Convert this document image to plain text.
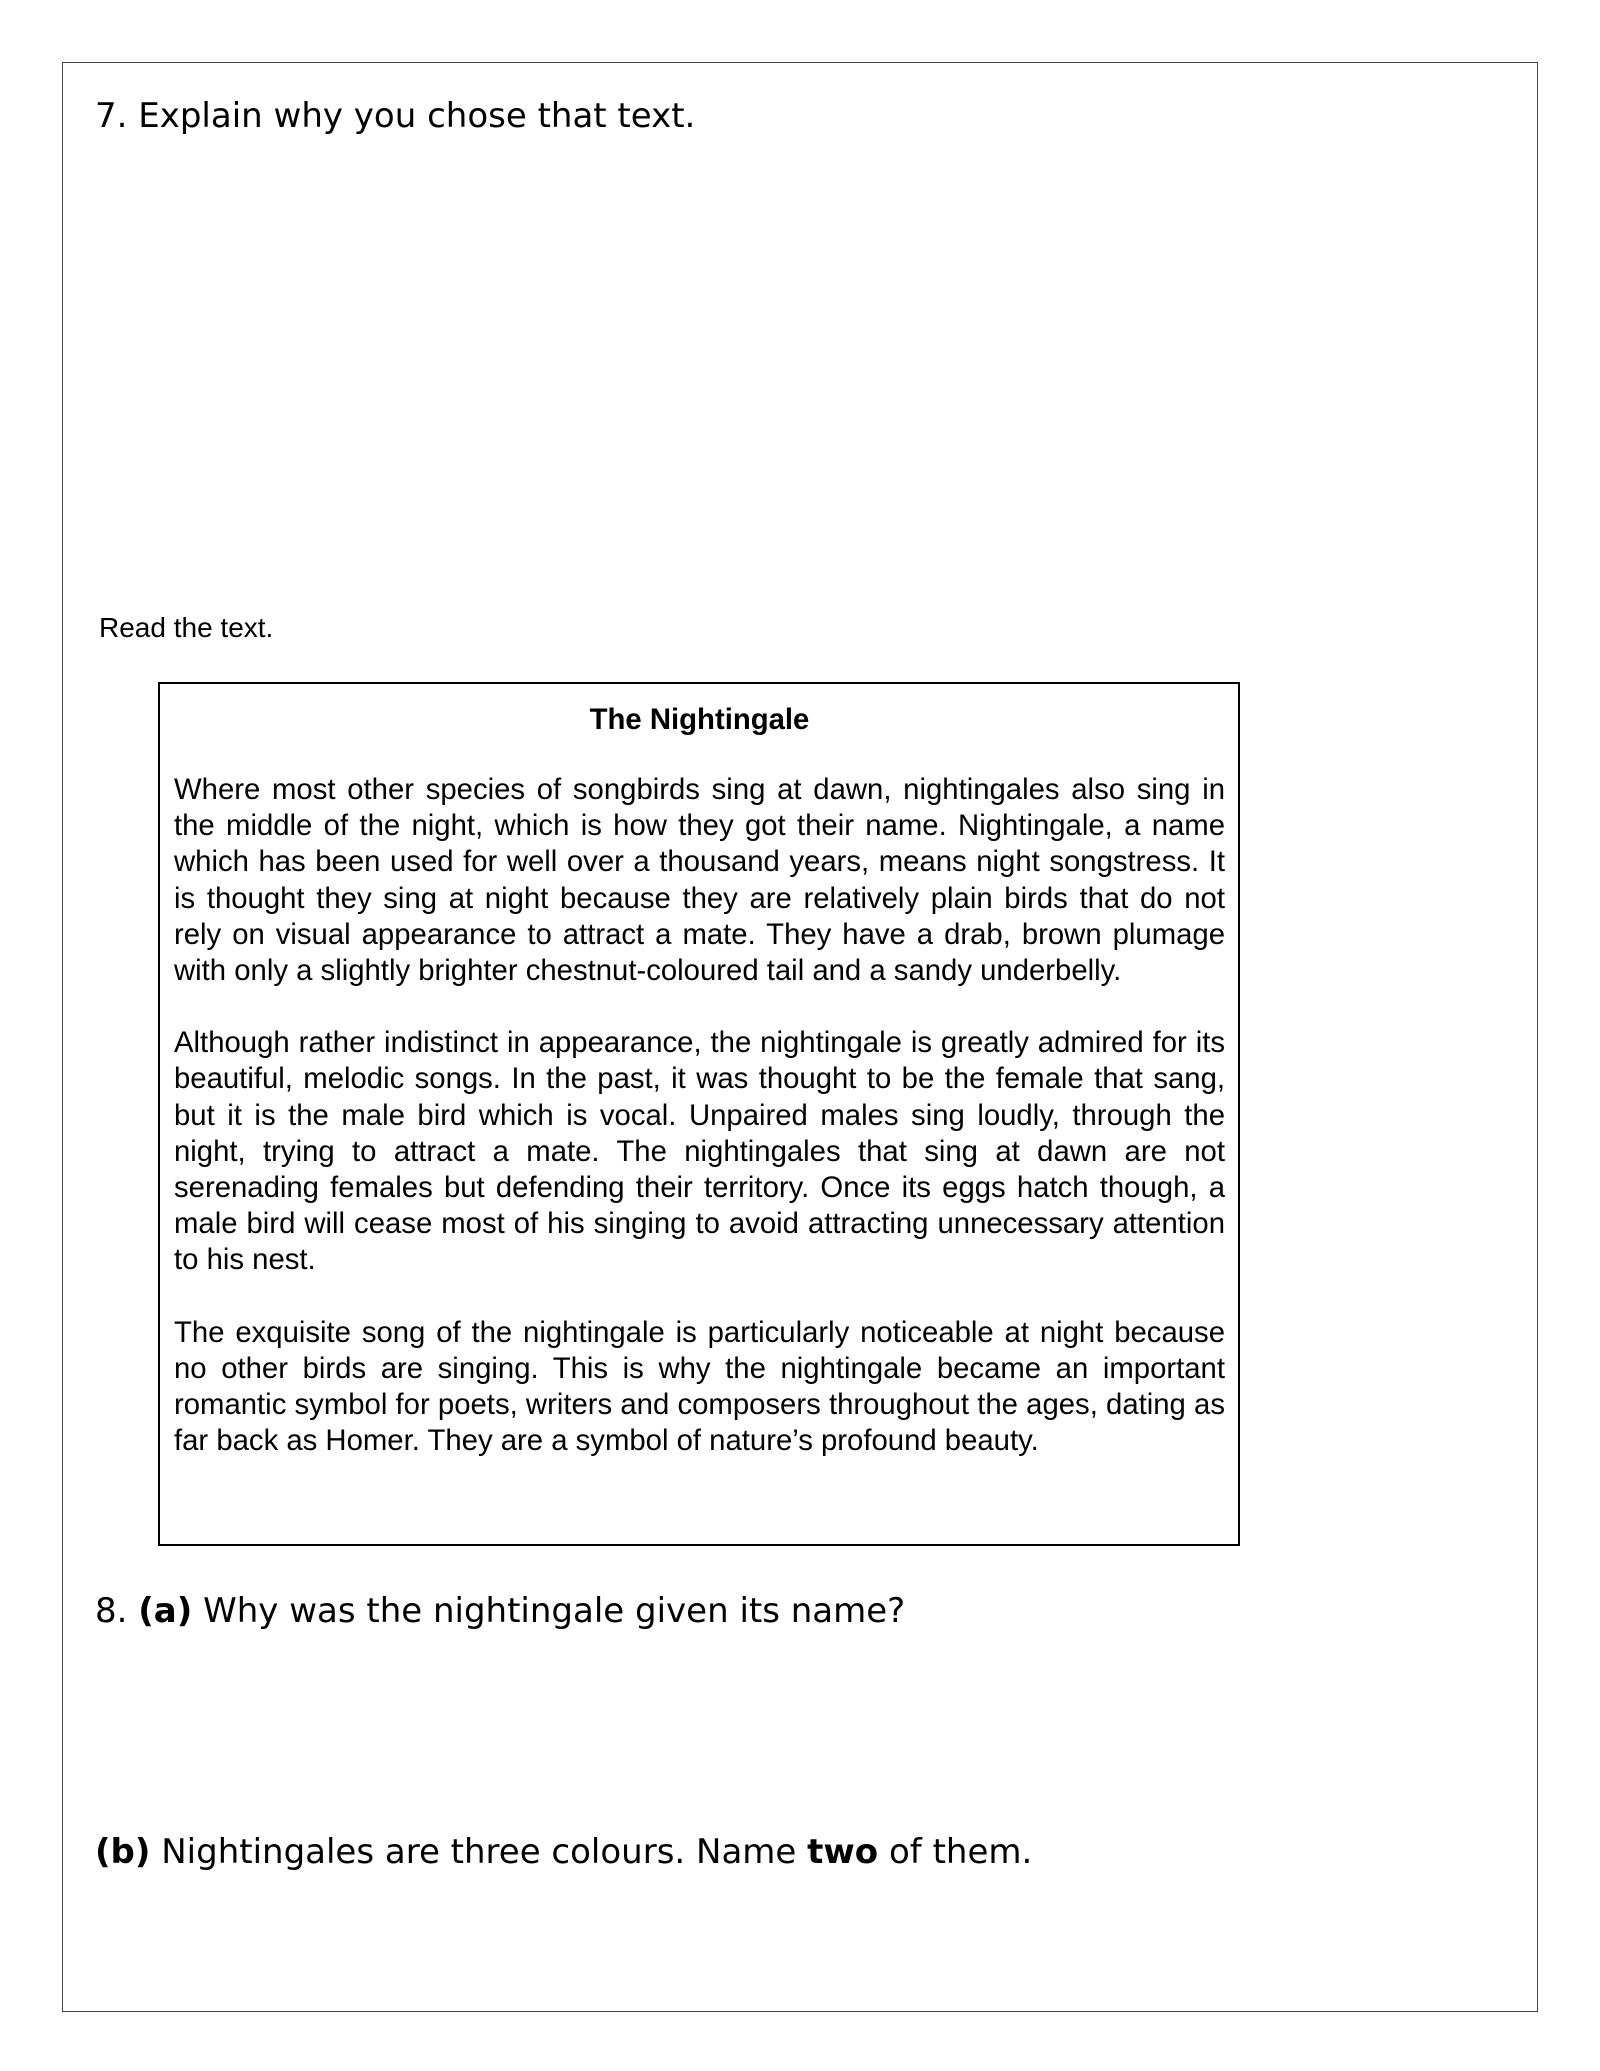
7. Explain why you chose that text.
Read the text.
The Nightingale

Where most other species of songbirds sing at dawn, nightingales also sing in the middle of the night, which is how they got their name. Nightingale, a name which has been used for well over a thousand years, means night songstress. It is thought they sing at night because they are relatively plain birds that do not rely on visual appearance to attract a mate. They have a drab, brown plumage with only a slightly brighter chestnut-coloured tail and a sandy underbelly.

Although rather indistinct in appearance, the nightingale is greatly admired for its beautiful, melodic songs. In the past, it was thought to be the female that sang, but it is the male bird which is vocal. Unpaired males sing loudly, through the night, trying to attract a mate. The nightingales that sing at dawn are not serenading females but defending their territory. Once its eggs hatch though, a male bird will cease most of his singing to avoid attracting unnecessary attention to his nest.

The exquisite song of the nightingale is particularly noticeable at night because no other birds are singing. This is why the nightingale became an important romantic symbol for poets, writers and composers throughout the ages, dating as far back as Homer. They are a symbol of nature’s profound beauty.

8. (a) Why was the nightingale given its name?
(b) Nightingales are three colours. Name two of them.
